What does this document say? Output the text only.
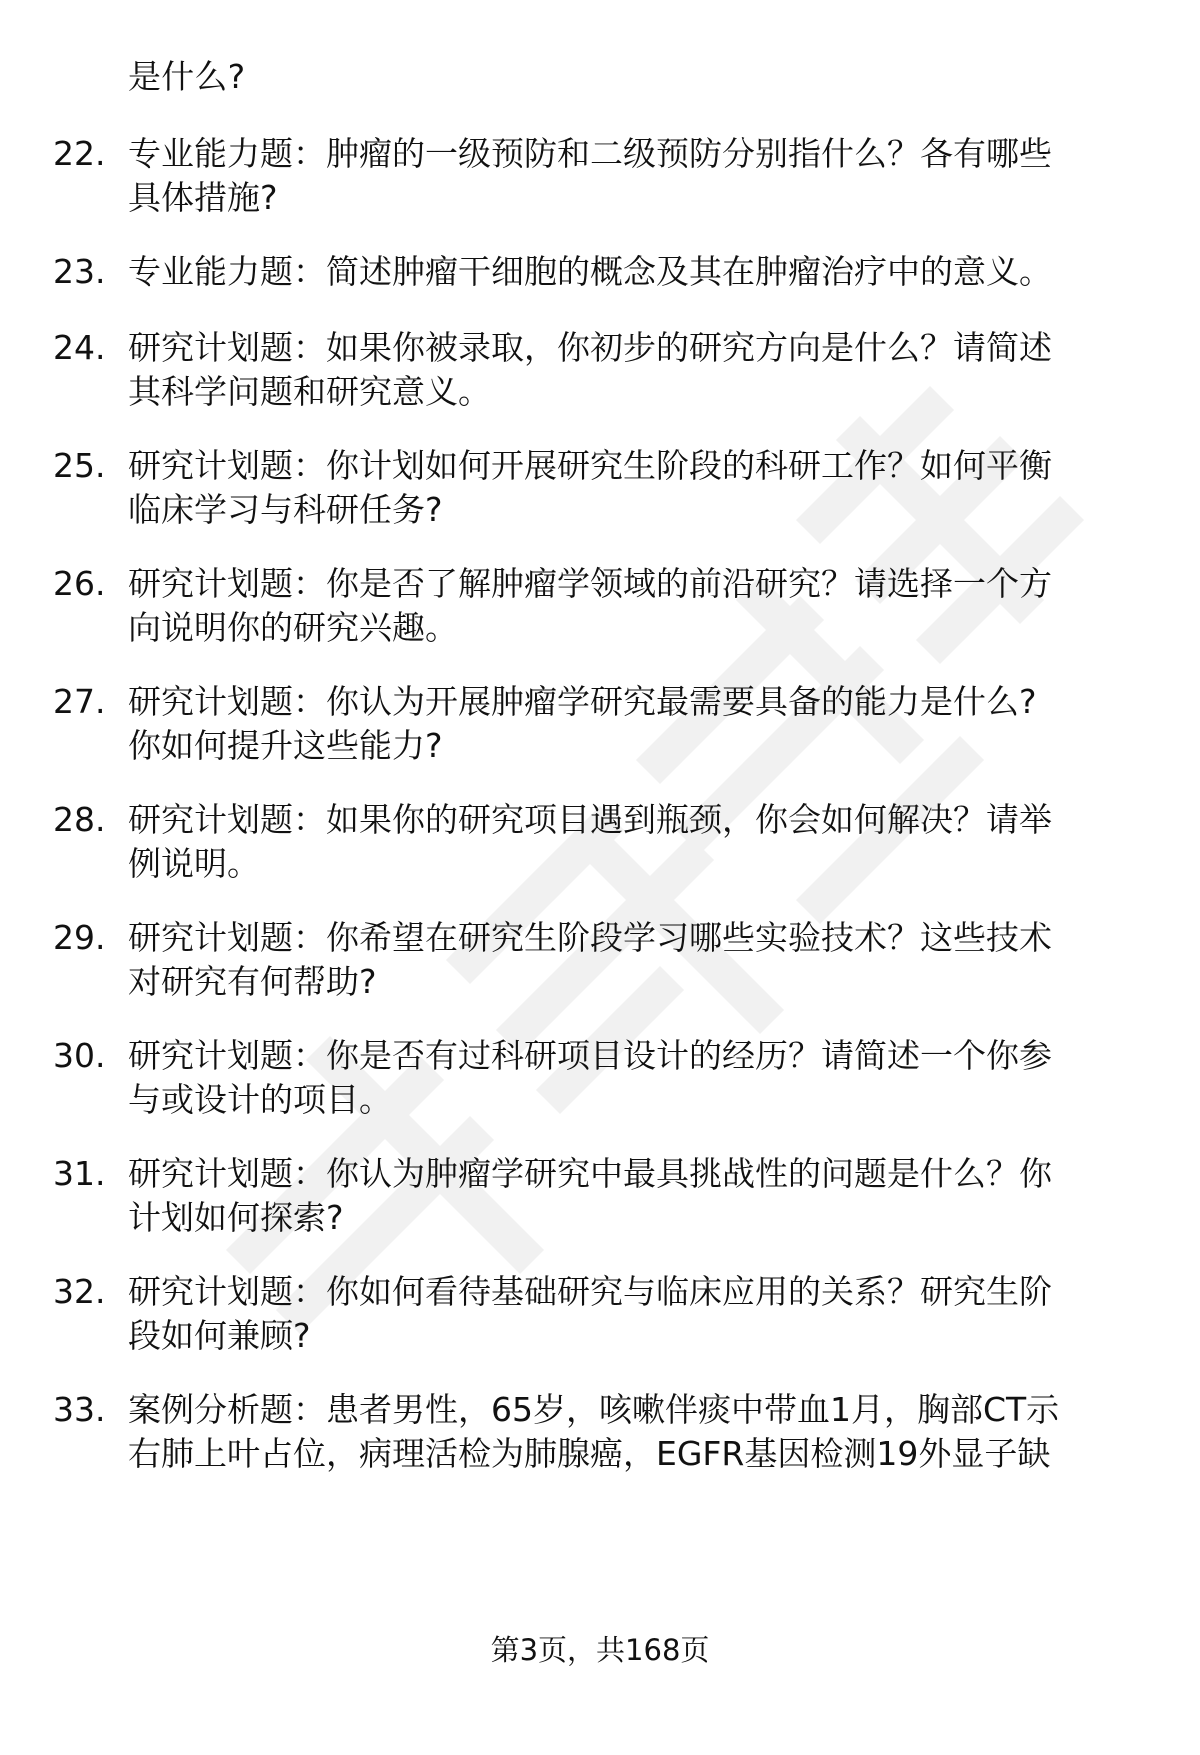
是什么?
22. 专业能力题：肿瘤的一级预防和二级预防分别指什么？各有哪些
具体措施?
23. 专业能力题：简述肿瘤干细胞的概念及其在肿瘤治疗中的意义。
24. 研究计划题：如果你被录取，你初步的研究方向是什么？请简述
其科学问题和研究意义。
25. 研究计划题：你计划如何开展研究生阶段的科研工作？如何平衡
临床学习与科研任务?
26. 研究计划题：你是否了解肿瘤学领域的前沿研究？请选择一个方
向说明你的研究兴趣。
27. 研究计划题：你认为开展肿瘤学研究最需要具备的能力是什么?
你如何提升这些能力?
28. 研究计划题：如果你的研究项目遇到瓶颈，你会如何解决？请举
例说明。
29. 研究计划题：你希望在研究生阶段学习哪些实验技术？这些技术
对研究有何帮助?
30. 研究计划题：你是否有过科研项目设计的经历？请简述一个你参
与或设计的项目。
31. 研究计划题：你认为肿瘤学研究中最具挑战性的问题是什么？你
计划如何探索?
32. 研究计划题：你如何看待基础研究与临床应用的关系？研究生阶
段如何兼顾?
33. 案例分析题：患者男性，65岁，咳嗽伴痰中带血1月，胸部CT示
右肺上叶占位，病理活检为肺腺癌，EGFR基因检测19外显子缺
第3页，共168页
